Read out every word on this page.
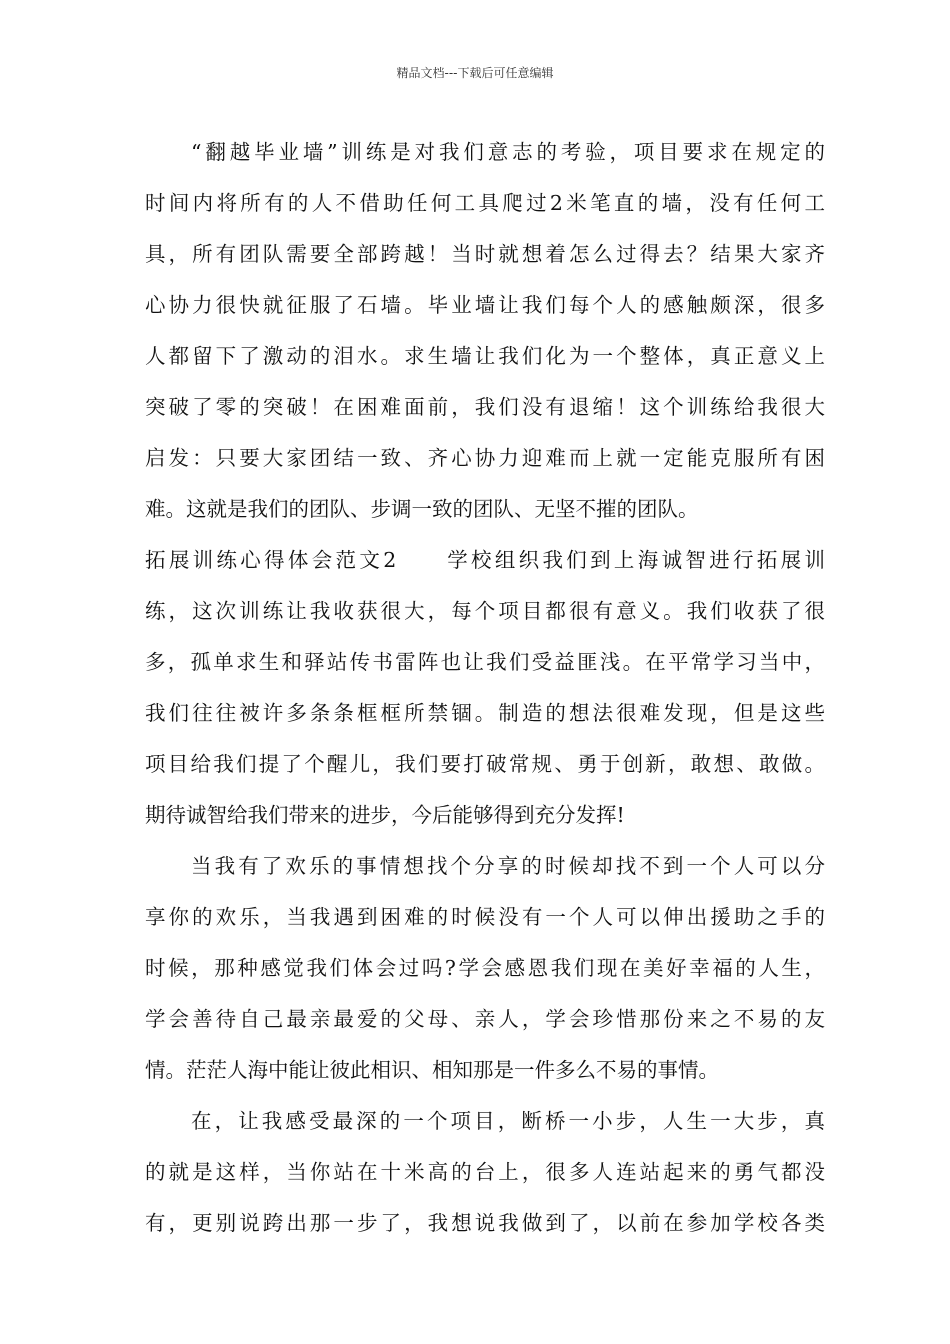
精品文档---下载后可任意编辑
“翻越毕业墙”训练是对我们意志的考验，项目要求在规定的
时间内将所有的人不借助任何工具爬过2米笔直的墙，没有任何工
具，所有团队需要全部跨越！当时就想着怎么过得去？结果大家齐
心协力很快就征服了石墙。毕业墙让我们每个人的感触颇深，很多
人都留下了激动的泪水。求生墙让我们化为一个整体，真正意义上
突破了零的突破！在困难面前，我们没有退缩！这个训练给我很大
启发：只要大家团结一致、齐心协力迎难而上就一定能克服所有困
难。这就是我们的团队、步调一致的团队、无坚不摧的团队。
拓展训练心得体会范文2　　学校组织我们到上海诚智进行拓展训
练，这次训练让我收获很大，每个项目都很有意义。我们收获了很
多，孤单求生和驿站传书雷阵也让我们受益匪浅。在平常学习当中，
我们往往被许多条条框框所禁锢。制造的想法很难发现，但是这些
项目给我们提了个醒儿，我们要打破常规、勇于创新，敢想、敢做。
期待诚智给我们带来的进步，今后能够得到充分发挥!
当我有了欢乐的事情想找个分享的时候却找不到一个人可以分
享你的欢乐，当我遇到困难的时候没有一个人可以伸出援助之手的
时候，那种感觉我们体会过吗?学会感恩我们现在美好幸福的人生，
学会善待自己最亲最爱的父母、亲人，学会珍惜那份来之不易的友
情。茫茫人海中能让彼此相识、相知那是一件多么不易的事情。
在，让我感受最深的一个项目，断桥一小步，人生一大步，真
的就是这样，当你站在十米高的台上，很多人连站起来的勇气都没
有，更别说跨出那一步了，我想说我做到了，以前在参加学校各类
